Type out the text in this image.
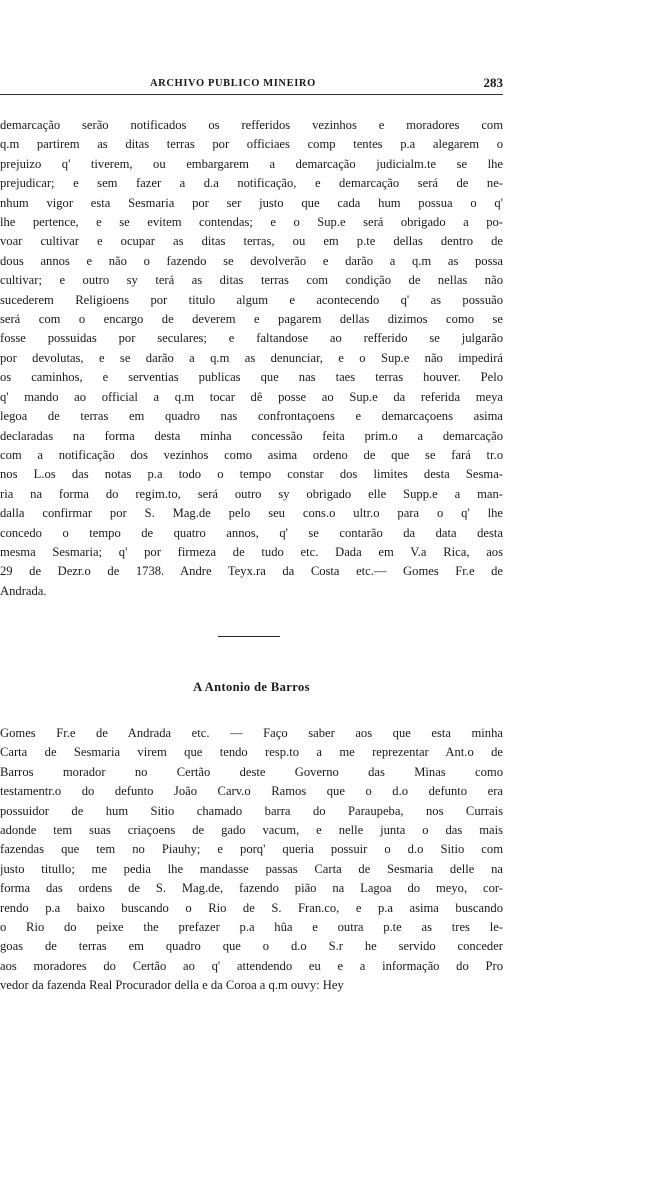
ARCHIVO PUBLICO MINEIRO	283
demarcação serão notificados os refferidos vezinhos e moradores com
q.m partirem as ditas terras por officiaes comp tentes p.a alegarem o
prejuizo q' tiverem, ou embargarem a demarcação judicialm.te se lhe
prejudicar; e sem fazer a d.a notificação, e demarcação será de ne-
nhum vigor esta Sesmaria por ser justo que cada hum possua o q'
lhe pertence, e se evitem contendas; e o Sup.e será obrigado a po-
voar cultivar e ocupar as ditas terras, ou em p.te dellas dentro de
dous annos e não o fazendo se devolverão e darão a q.m as possa
cultivar; e outro sy terá as ditas terras com condição de nellas não
sucederem Religioens por titulo algum e acontecendo q' as possuão
será com o encargo de deverem e pagarem dellas dizimos como se
fosse possuidas por seculares; e faltandose ao refferido se julgarão
por devolutas, e se darão a q.m as denunciar, e o Sup.e não impedirá
os caminhos, e serventias publicas que nas taes terras houver. Pelo
q' mando ao official a q.m tocar dê posse ao Sup.e da referida meya
legoa de terras em quadro nas confrontaçoens e demarcaçoens asima
declaradas na forma desta minha concessão feita prim.o a demarcação
com a notificação dos vezinhos como asima ordeno de que se fará tr.o
nos L.os das notas p.a todo o tempo constar dos limites desta Sesma-
ria na forma do regim.to, será outro sy obrigado elle Supp.e a man-
dalla confirmar por S. Mag.de pelo seu cons.o ultr.o para o q' lhe
concedo o tempo de quatro annos, q' se contarão da data desta
mesma Sesmaria; q' por firmeza de tudo etc. Dada em V.a Rica, aos
29 de Dezr.o de 1738. Andre Teyx.ra da Costa etc.— Gomes Fr.e de
Andrada.
A Antonio de Barros
Gomes Fr.e de Andrada etc. — Faço saber aos que esta minha
Carta de Sesmaria virem que tendo resp.to a me reprezentar Ant.o de
Barros morador no Certão deste Governo das Minas como
testamentr.o do defunto João Carv.o Ramos que o d.o defunto era
possuidor de hum Sitio chamado barra do Paraupeba, nos Currais
adonde tem suas criaçoens de gado vacum, e nelle junta o das mais
fazendas que tem no Piauhy; e porq' queria possuir o d.o Sitio com
justo titullo; me pedia lhe mandasse passas Carta de Sesmaria delle na
forma das ordens de S. Mag.de, fazendo pião na Lagoa do meyo, cor-
rendo p.a baixo buscando o Rio de S. Fran.co, e p.a asima buscando
o Rio do peixe the prefazer p.a hûa e outra p.te as tres le-
goas de terras em quadro que o d.o S.r he servido conceder
aos moradores do Certão ao q' attendendo eu e a informação do Pro
vedor da fazenda Real Procurador della e da Coroa a q.m ouvy: Hey
